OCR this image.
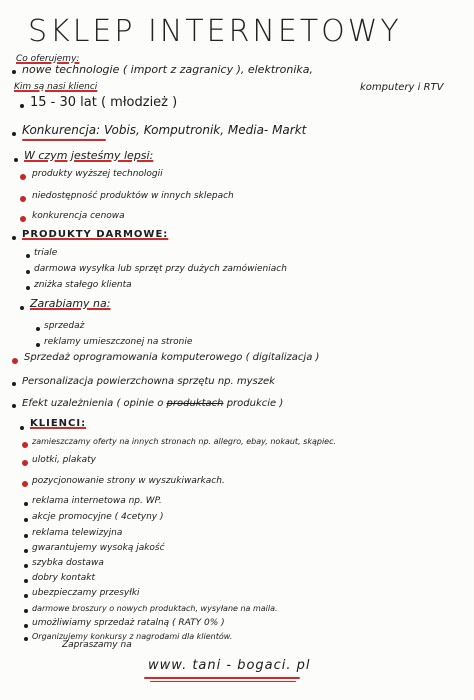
SKLEP INTERNETOWY
Co oferujemy:
nowe technologie ( import z zagranicy ), elektronika,
Kim są nasi klienci	komputery i RTV
15 - 30 lat ( młodzież )
Konkurencja: Vobis, Komputronik, Media- Markt
W czym jesteśmy lepsi:
produkty wyższej technologii
niedostępność produktów w innych sklepach
konkurencja cenowa
PRODUKTY DARMOWE:
triale
darmowa wysyłka lub sprzęt przy dużych zamówieniach
zniżka stałego klienta
Zarabiamy na:
sprzedaż
reklamy umieszczonej na stronie
Sprzedaż oprogramowania komputerowego ( digitalizacja )
Personalizacja powierzchowna sprzętu np. myszek
Efekt uzależnienia ( opinie o produktach produkcie )
KLIENCI:
zamieszczamy oferty na innych stronach np. allegro, ebay, nokaut, skąpiec.
ulotki, plakaty
pozycjonowanie strony w wyszukiwarkach.
reklama internetowa np. WP.
akcje promocyjne ( 4cetyny )
reklama telewizyjna
gwarantujemy wysoką jakość
szybka dostawa
dobry kontakt
ubezpieczamy przesyłki
darmowe broszury o nowych produktach, wysyłane na maila.
umożliwiamy sprzedaż ratalną ( RATY 0% )
Organizujemy konkursy z nagrodami dla klientów.
Zapraszamy na
www. tani - bogaci. pl
